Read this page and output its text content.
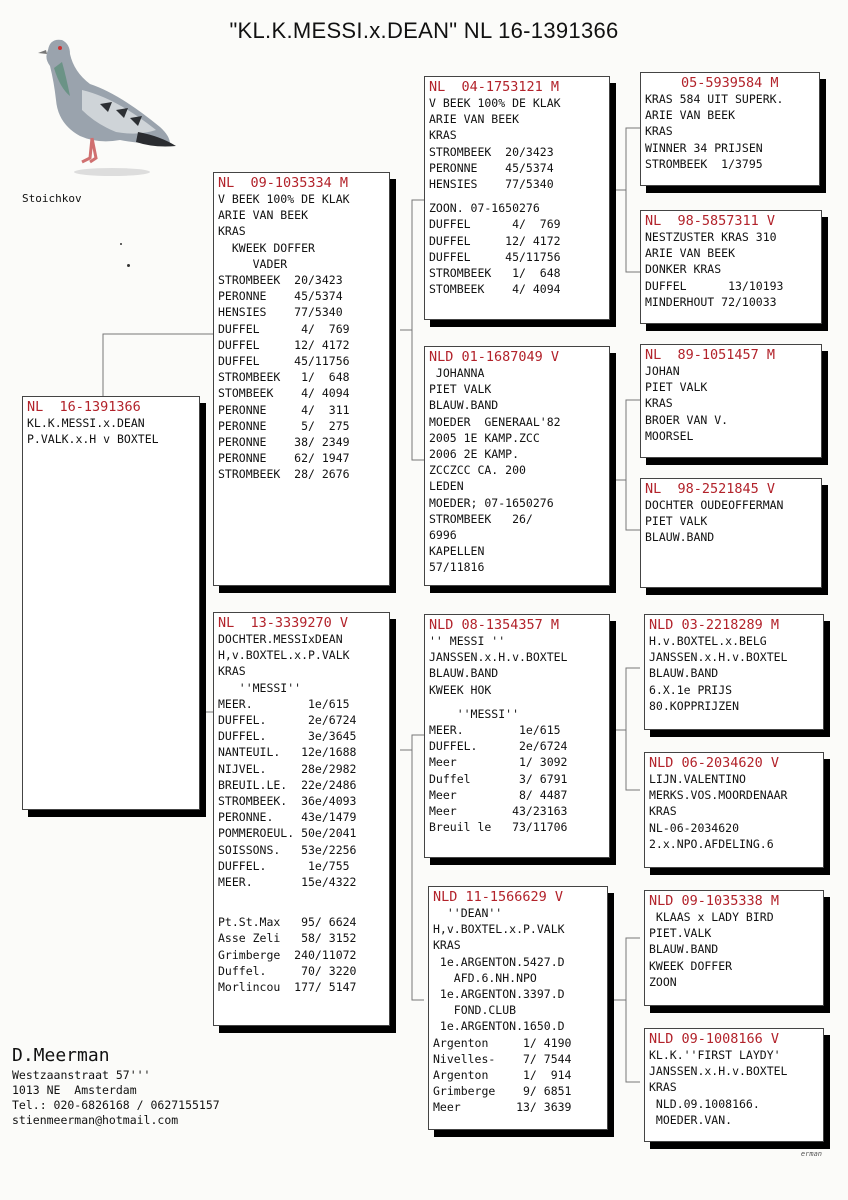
"KL.K.MESSI.x.DEAN" NL 16-1391366
Stoichkov
NL  16-1391366
KL.K.MESSI.x.DEAN
P.VALK.x.H v BOXTEL
NL  09-1035334 M
V BEEK 100% DE KLAK
ARIE VAN BEEK
KRAS
KWEEK DOFFER
VADER
STROMBEEK  20/3423
PERONNE    45/5374
HENSIES    77/5340
DUFFEL      4/  769
DUFFEL     12/ 4172
DUFFEL     45/11756
STROMBEEK   1/  648
STOMBEEK    4/ 4094
PERONNE     4/  311
PERONNE     5/  275
PERONNE    38/ 2349
PERONNE    62/ 1947
STROMBEEK  28/ 2676
NL  13-3339270 V
DOCHTER.MESSIxDEAN
H,v.BOXTEL.x.P.VALK
KRAS
''MESSI''
MEER.        1e/615
DUFFEL.      2e/6724
DUFFEL.      3e/3645
NANTEUIL.   12e/1688
NIJVEL.     28e/2982
BREUIL.LE.  22e/2486
STROMBEEK.  36e/4093
PERONNE.    43e/1479
POMMEROEUL. 50e/2041
SOISSONS.   53e/2256
DUFFEL.      1e/755
MEER.       15e/4322
Pt.St.Max   95/ 6624
Asse Zeli   58/ 3152
Grimberge  240/11072
Duffel.     70/ 3220
Morlincou  177/ 5147
NL  04-1753121 M
V BEEK 100% DE KLAK
ARIE VAN BEEK
KRAS
STROMBEEK  20/3423
PERONNE    45/5374
HENSIES    77/5340
ZOON. 07-1650276
DUFFEL      4/  769
DUFFEL     12/ 4172
DUFFEL     45/11756
STROMBEEK   1/  648
STOMBEEK    4/ 4094
NLD 01-1687049 V
JOHANNA
PIET VALK
BLAUW.BAND
MOEDER  GENERAAL'82
2005 1E KAMP.ZCC
2006 2E KAMP.
ZCCZCC CA. 200
LEDEN
MOEDER; 07-1650276
STROMBEEK   26/
6996
KAPELLEN
57/11816
NLD 08-1354357 M
'' MESSI ''
JANSSEN.x.H.v.BOXTEL
BLAUW.BAND
KWEEK HOK
''MESSI''
MEER.        1e/615
DUFFEL.      2e/6724
Meer         1/ 3092
Duffel       3/ 6791
Meer         8/ 4487
Meer        43/23163
Breuil le   73/11706
NLD 11-1566629 V
''DEAN''
H,v.BOXTEL.x.P.VALK
KRAS
1e.ARGENTON.5427.D
AFD.6.NH.NPO
1e.ARGENTON.3397.D
FOND.CLUB
1e.ARGENTON.1650.D
Argenton     1/ 4190
Nivelles-    7/ 7544
Argenton     1/  914
Grimberge    9/ 6851
Meer        13/ 3639
05-5939584 M
KRAS 584 UIT SUPERK.
ARIE VAN BEEK
KRAS
WINNER 34 PRIJSEN
STROMBEEK  1/3795
NL  98-5857311 V
NESTZUSTER KRAS 310
ARIE VAN BEEK
DONKER KRAS
DUFFEL      13/10193
MINDERHOUT 72/10033
NL  89-1051457 M
JOHAN
PIET VALK
KRAS
BROER VAN V.
MOORSEL
NL  98-2521845 V
DOCHTER OUDEOFFERMAN
PIET VALK
BLAUW.BAND
NLD 03-2218289 M
H.v.BOXTEL.x.BELG
JANSSEN.x.H.v.BOXTEL
BLAUW.BAND
6.X.1e PRIJS
80.KOPPRIJZEN
NLD 06-2034620 V
LIJN.VALENTINO
MERKS.VOS.MOORDENAAR
KRAS
NL-06-2034620
2.x.NPO.AFDELING.6
NLD 09-1035338 M
KLAAS x LADY BIRD
PIET.VALK
BLAUW.BAND
KWEEK DOFFER
ZOON
NLD 09-1008166 V
KL.K.''FIRST LAYDY'
JANSSEN.x.H.v.BOXTEL
KRAS
NLD.09.1008166.
MOEDER.VAN.
D.Meerman
Westzaanstraat 57'''
1013 NE  Amsterdam
Tel.: 020-6826168 / 0627155157
stienmeerman@hotmail.com
erman
